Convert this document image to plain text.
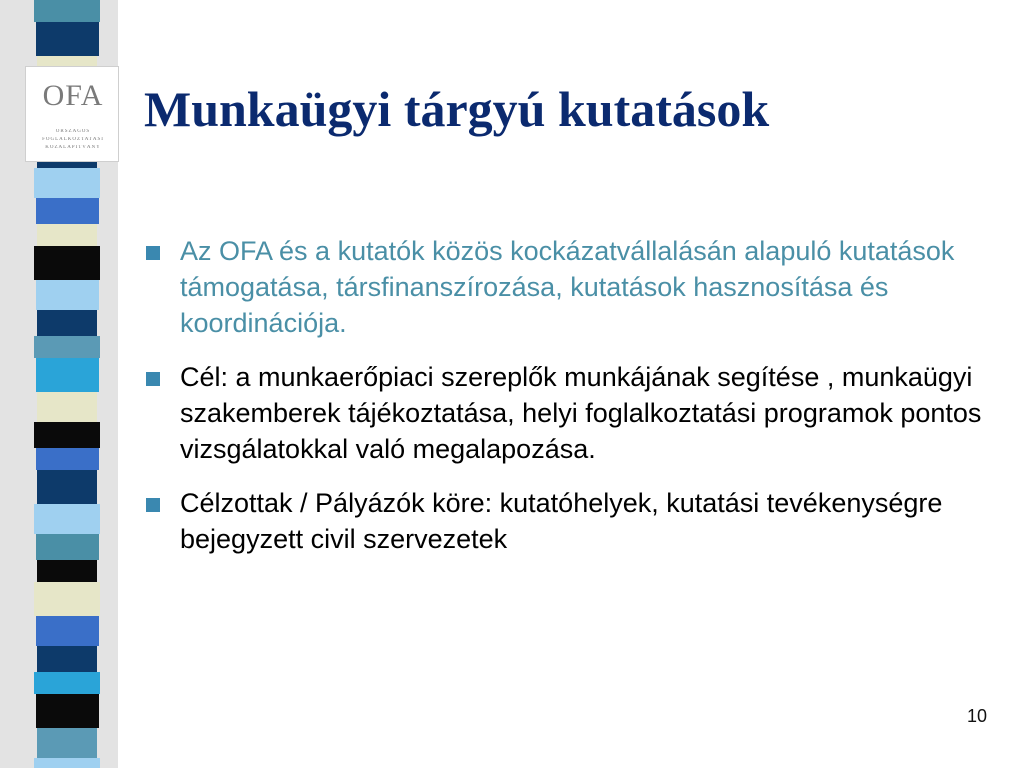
OFA
ORSZÁGOS
FOGLALKOZTATÁSI
KÖZALAPÍTVÁNY
Munkaügyi tárgyú kutatások
Az OFA és a kutatók közös kockázatvállalásán alapuló kutatások támogatása, társfinanszírozása, kutatások hasznosítása és koordinációja.
Cél: a munkaerőpiaci szereplők munkájának segítése , munkaügyi szakemberek tájékoztatása, helyi foglalkoztatási programok pontos vizsgálatokkal való megalapozása.
Célzottak / Pályázók köre: kutatóhelyek, kutatási tevékenységre bejegyzett civil szervezetek
10
